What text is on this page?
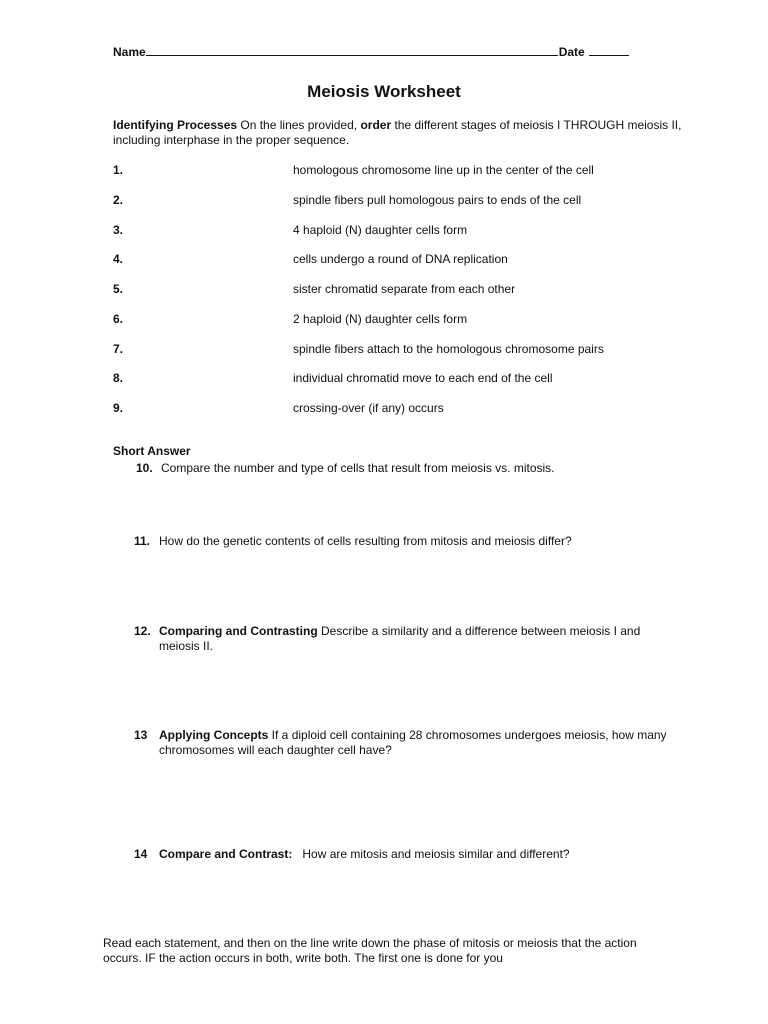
Name	Date
Meiosis Worksheet
Identifying Processes On the lines provided, order the different stages of meiosis I THROUGH meiosis II, including interphase in the proper sequence.
1.	homologous chromosome line up in the center of the cell
2.	spindle fibers pull homologous pairs to ends of the cell
3.	4 haploid (N) daughter cells form
4.	cells undergo a round of DNA replication
5.	sister chromatid separate from each other
6.	2 haploid (N) daughter cells form
7.	spindle fibers attach to the homologous chromosome pairs
8.	individual chromatid move to each end of the cell
9.	crossing-over (if any) occurs
Short Answer
10. Compare the number and type of cells that result from meiosis vs. mitosis.
11. How do the genetic contents of cells resulting from mitosis and meiosis differ?
12. Comparing and Contrasting Describe a similarity and a difference between meiosis I and meiosis II.
13 Applying Concepts If a diploid cell containing 28 chromosomes undergoes meiosis, how many chromosomes will each daughter cell have?
14 Compare and Contrast:   How are mitosis and meiosis similar and different?
Read each statement, and then on the line write down the phase of mitosis or meiosis that the action occurs. IF the action occurs in both, write both. The first one is done for you
